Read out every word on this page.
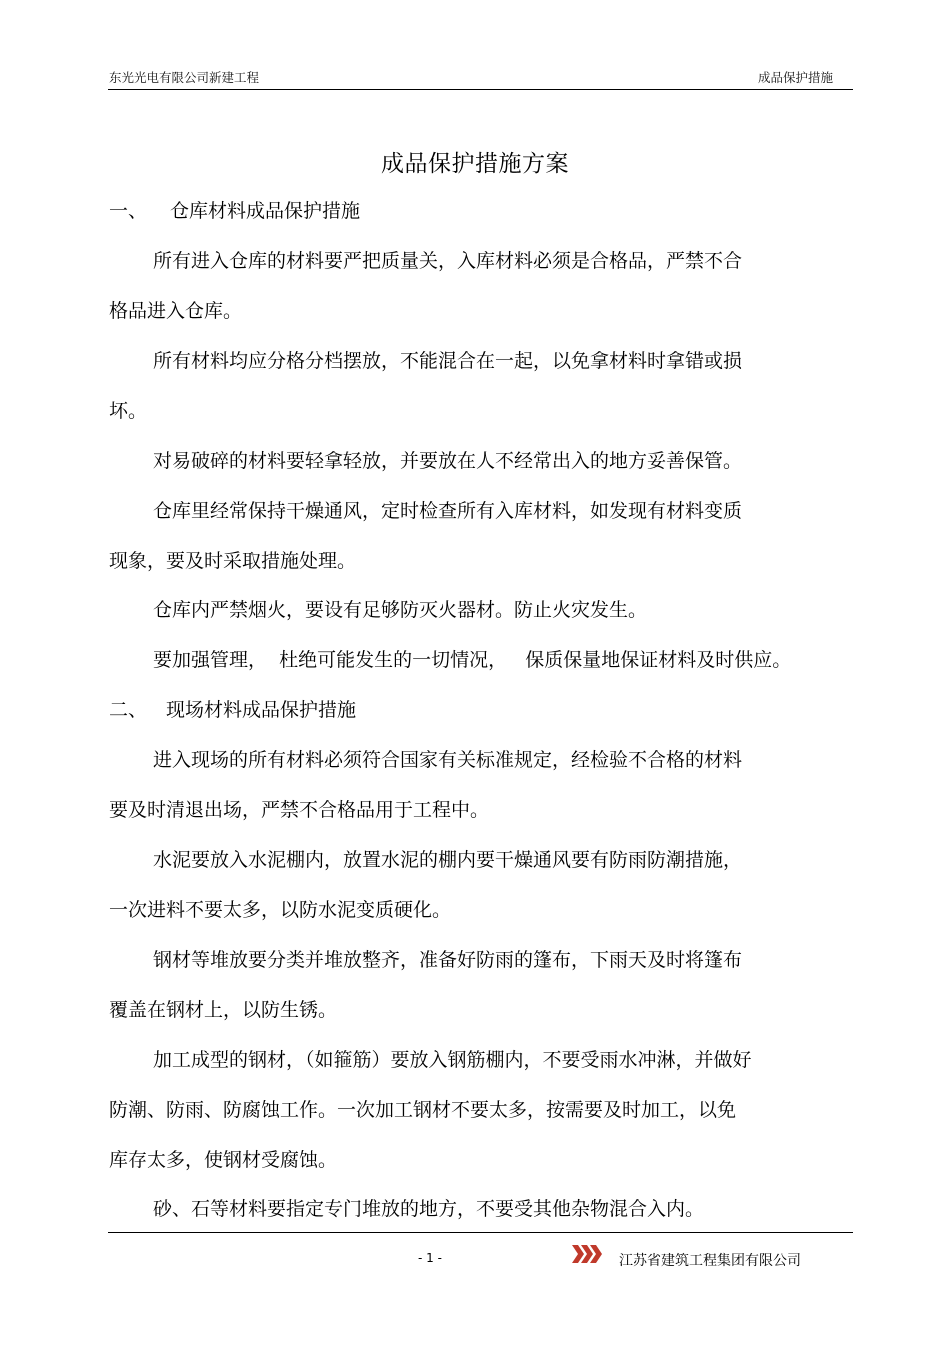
东光光电有限公司新建工程	成品保护措施
成品保护措施方案
一、 仓库材料成品保护措施
所有进入仓库的材料要严把质量关，入库材料必须是合格品，严禁不合
格品进入仓库。
所有材料均应分格分档摆放，不能混合在一起，以免拿材料时拿错或损
坏。
对易破碎的材料要轻拿轻放，并要放在人不经常出入的地方妥善保管。
仓库里经常保持干燥通风，定时检查所有入库材料，如发现有材料变质
现象，要及时采取措施处理。
仓库内严禁烟火，要设有足够防灭火器材。防止火灾发生。
要加强管理，  杜绝可能发生的一切情况，   保质保量地保证材料及时供应。
二、 现场材料成品保护措施
进入现场的所有材料必须符合国家有关标准规定，经检验不合格的材料
要及时清退出场，严禁不合格品用于工程中。
水泥要放入水泥棚内，放置水泥的棚内要干燥通风要有防雨防潮措施，
一次进料不要太多，以防水泥变质硬化。
钢材等堆放要分类并堆放整齐，准备好防雨的篷布，下雨天及时将篷布
覆盖在钢材上，以防生锈。
加工成型的钢材，（如箍筋）要放入钢筋棚内，不要受雨水冲淋，并做好
防潮、防雨、防腐蚀工作。一次加工钢材不要太多，按需要及时加工，以免
库存太多，使钢材受腐蚀。
砂、石等材料要指定专门堆放的地方，不要受其他杂物混合入内。
- 1 -	江苏省建筑工程集团有限公司
